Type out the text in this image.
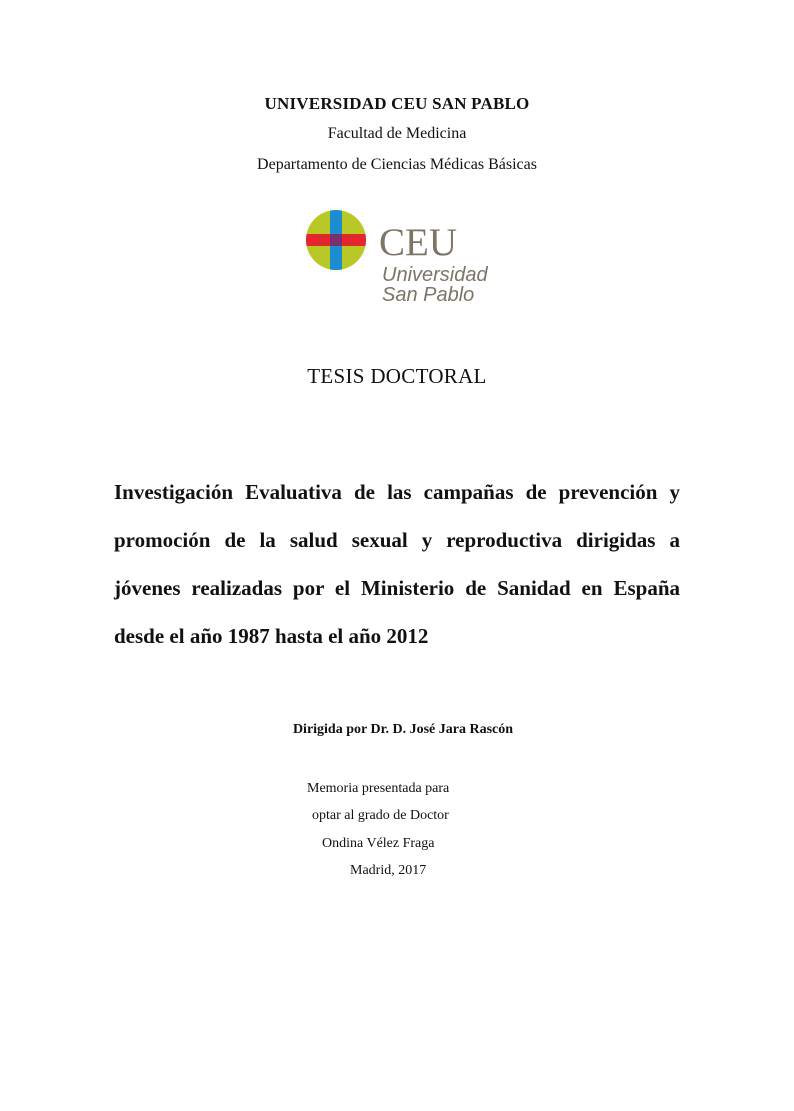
UNIVERSIDAD CEU SAN PABLO
Facultad de Medicina
Departamento de Ciencias Médicas Básicas
CEU
Universidad
San Pablo
TESIS DOCTORAL

Investigación Evaluativa de las campañas de prevención y promoción de la salud sexual y reproductiva dirigidas a jóvenes realizadas por el Ministerio de Sanidad en España desde el año 1987 hasta el año 2012

Dirigida por Dr. D. José Jara Rascón
Memoria presentada para
optar al grado de Doctor
Ondina Vélez Fraga
Madrid, 2017
